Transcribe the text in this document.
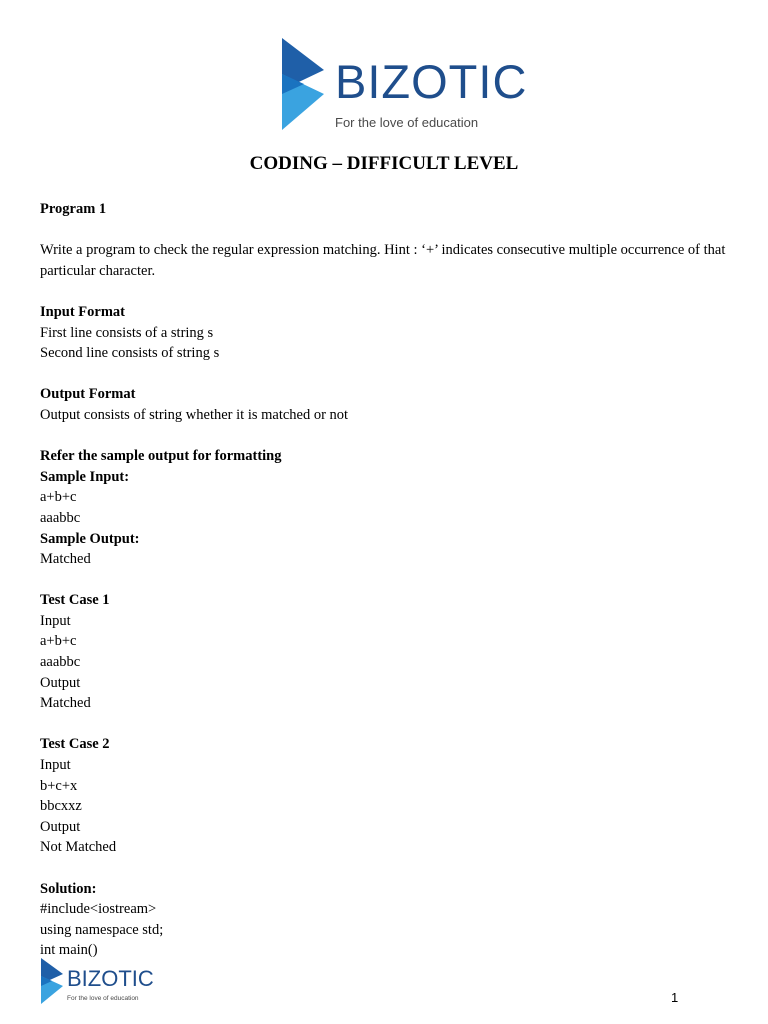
BIZOTIC
For the love of education
CODING – DIFFICULT LEVEL
Program 1
Write a program to check the regular expression matching. Hint : ‘+’ indicates consecutive multiple occurrence of that particular character.
Input Format
First line consists of a string s
Second line consists of string s
Output Format
Output consists of string whether it is matched or not
Refer the sample output for formatting
Sample Input:
a+b+c
aaabbc
Sample Output:
Matched
Test Case 1
Input
a+b+c
aaabbc
Output
Matched
Test Case 2
Input
b+c+x
bbcxxz
Output
Not Matched
Solution:
#include<iostream>
using namespace std;
int main()
BIZOTIC
For the love of education	1
